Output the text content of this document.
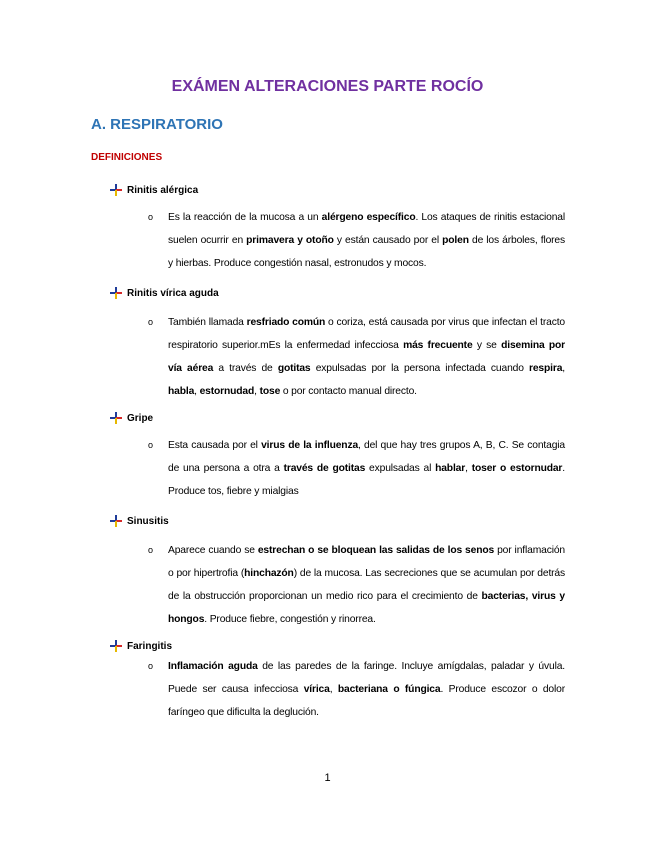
EXÁMEN ALTERACIONES PARTE ROCÍO
A. RESPIRATORIO
DEFINICIONES
Rinitis alérgica
o Es la reacción de la mucosa a un alérgeno específico. Los ataques de rinitis estacional suelen ocurrir en primavera y otoño y están causado por el polen de los árboles, flores y hierbas. Produce congestión nasal, estronudos y mocos.
Rinitis vírica aguda
o También llamada resfriado común o coriza, está causada por virus que infectan el tracto respiratorio superior.mEs la enfermedad infecciosa más frecuente y se disemina por vía aérea a través de gotitas expulsadas por la persona infectada cuando respira, habla, estornudad, tose o por contacto manual directo.
Gripe
o Esta causada por el virus de la influenza, del que hay tres grupos A, B, C. Se contagia de una persona a otra a través de gotitas expulsadas al hablar, toser o estornudar. Produce tos, fiebre y mialgias
Sinusitis
o Aparece cuando se estrechan o se bloquean las salidas de los senos por inflamación o por hipertrofia (hinchazón) de la mucosa. Las secreciones que se acumulan por detrás de la obstrucción proporcionan un medio rico para el crecimiento de bacterias, virus y hongos. Produce fiebre, congestión y rinorrea.
Faringitis
o Inflamación aguda de las paredes de la faringe. Incluye amígdalas, paladar y úvula. Puede ser causa infecciosa vírica, bacteriana o fúngica. Produce escozor o dolor faríngeo que dificulta la deglución.
1
